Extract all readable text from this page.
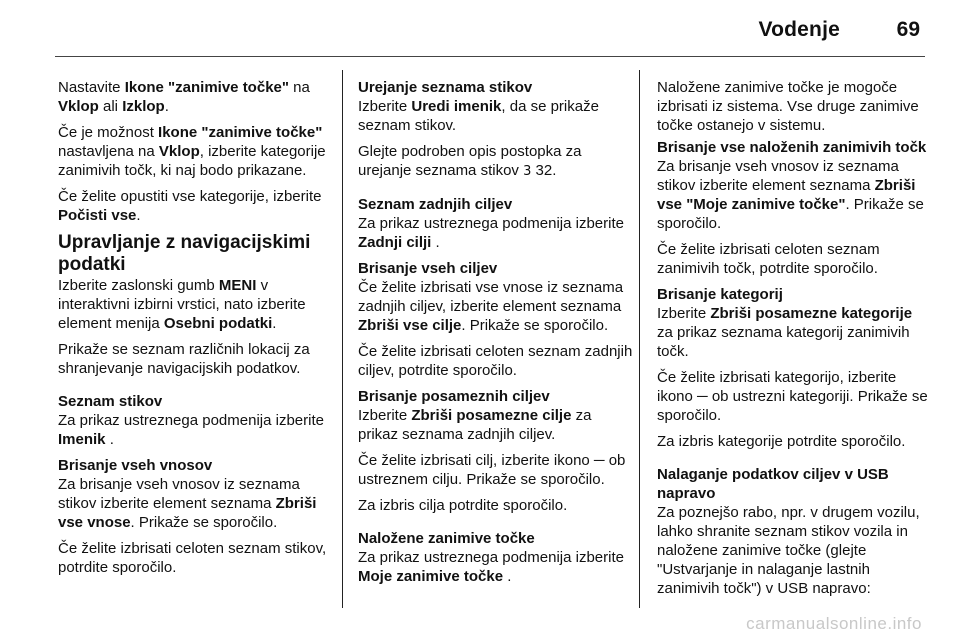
Vodenje	69

Nastavite Ikone "zanimive točke" na Vklop ali Izklop.

Če je možnost Ikone "zanimive točke" nastavljena na Vklop, izberite kategorije zanimivih točk, ki naj bodo prikazane.

Če želite opustiti vse kategorije, izberite Počisti vse.

Upravljanje z navigacijskimi podatki

Izberite zaslonski gumb MENI v interaktivni izbirni vrstici, nato izberite element menija Osebni podatki.

Prikaže se seznam različnih lokacij za shranjevanje navigacijskih podatkov.

Seznam stikov

Za prikaz ustreznega podmenija izberite Imenik .

Brisanje vseh vnosov

Za brisanje vseh vnosov iz seznama stikov izberite element seznama Zbriši vse vnose. Prikaže se sporočilo.

Če želite izbrisati celoten seznam stikov, potrdite sporočilo.

Urejanje seznama stikov

Izberite Uredi imenik, da se prikaže seznam stikov.

Glejte podroben opis postopka za urejanje seznama stikov 3 32.

Seznam zadnjih ciljev

Za prikaz ustreznega podmenija izberite Zadnji cilji .

Brisanje vseh ciljev

Če želite izbrisati vse vnose iz seznama zadnjih ciljev, izberite element seznama Zbriši vse cilje. Prikaže se sporočilo.

Če želite izbrisati celoten seznam zadnjih ciljev, potrdite sporočilo.

Brisanje posameznih ciljev

Izberite Zbriši posamezne cilje za prikaz seznama zadnjih ciljev.

Če želite izbrisati cilj, izberite ikono ─ ob ustreznem cilju. Prikaže se sporočilo.

Za izbris cilja potrdite sporočilo.

Naložene zanimive točke

Za prikaz ustreznega podmenija izberite Moje zanimive točke .

Naložene zanimive točke je mogoče izbrisati iz sistema. Vse druge zanimive točke ostanejo v sistemu.

Brisanje vse naloženih zanimivih točk

Za brisanje vseh vnosov iz seznama stikov izberite element seznama Zbriši vse "Moje zanimive točke". Prikaže se sporočilo.

Če želite izbrisati celoten seznam zanimivih točk, potrdite sporočilo.

Brisanje kategorij

Izberite Zbriši posamezne kategorije za prikaz seznama kategorij zanimivih točk.

Če želite izbrisati kategorijo, izberite ikono ─ ob ustrezni kategoriji. Prikaže se sporočilo.

Za izbris kategorije potrdite sporočilo.

Nalaganje podatkov ciljev v USB napravo

Za poznejšo rabo, npr. v drugem vozilu, lahko shranite seznam stikov vozila in naložene zanimive točke (glejte "Ustvarjanje in nalaganje lastnih zanimivih točk") v USB napravo:

carmanualsonline.info
